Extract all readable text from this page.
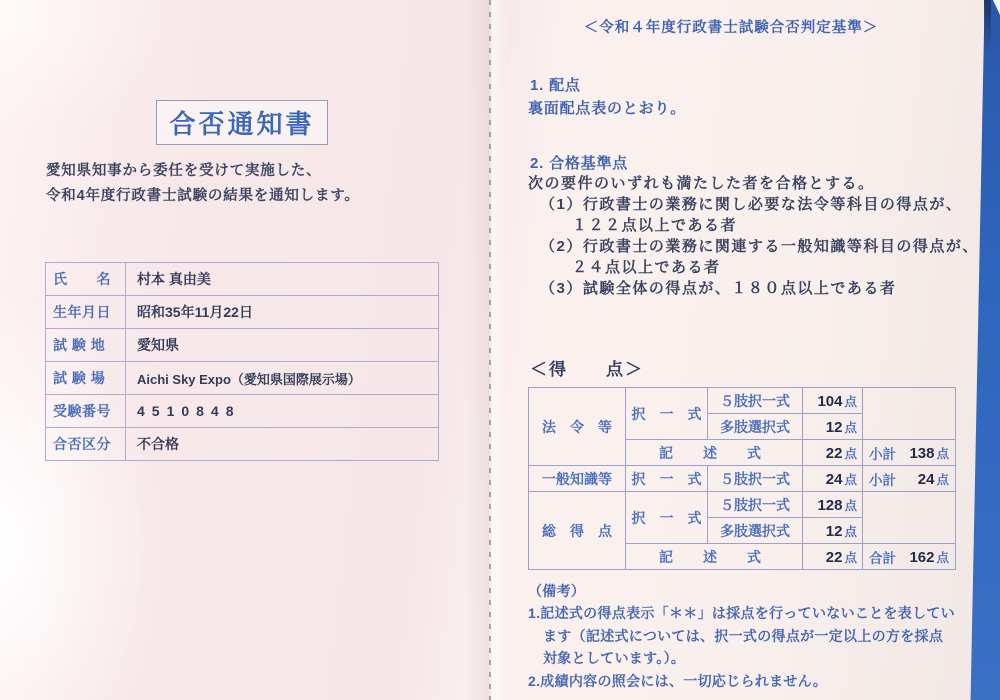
合否通知書
愛知県知事から委任を受けて実施した、
令和4年度行政書士試験の結果を通知します。
氏　　名	村本 真由美
生年月日	昭和35年11月22日
試 験 地	愛知県
試 験 場	Aichi Sky Expo（愛知県国際展示場）
受験番号	4510848
合否区分	不合格
＜令和４年度行政書士試験合否判定基準＞
1. 配点
裏面配点表のとおり。
2. 合格基準点
次の要件のいずれも満たした者を合格とする。
（1）行政書士の業務に関し必要な法令等科目の得点が、
１２２点以上である者
（2）行政書士の業務に関連する一般知識等科目の得点が、
２４点以上である者
（3）試験全体の得点が、１８０点以上である者
＜得　　点＞
法　令　等	択　一　式	５肢択一式	104 点	
		多肢選択式	12 点	
	記　述　式		22 点	小計 138 点

一般知識等	択　一　式	５肢択一式	24 点	小計 24 点

総　得　点	択　一　式	５肢択一式	128 点	
		多肢選択式	12 点	
	記　述　式		22 点	合計 162 点
（備考）
1.記述式の得点表示「＊＊」は採点を行っていないことを表してい
ます（記述式については、択一式の得点が一定以上の方を採点
対象としています。）。
2.成績内容の照会には、一切応じられません。
